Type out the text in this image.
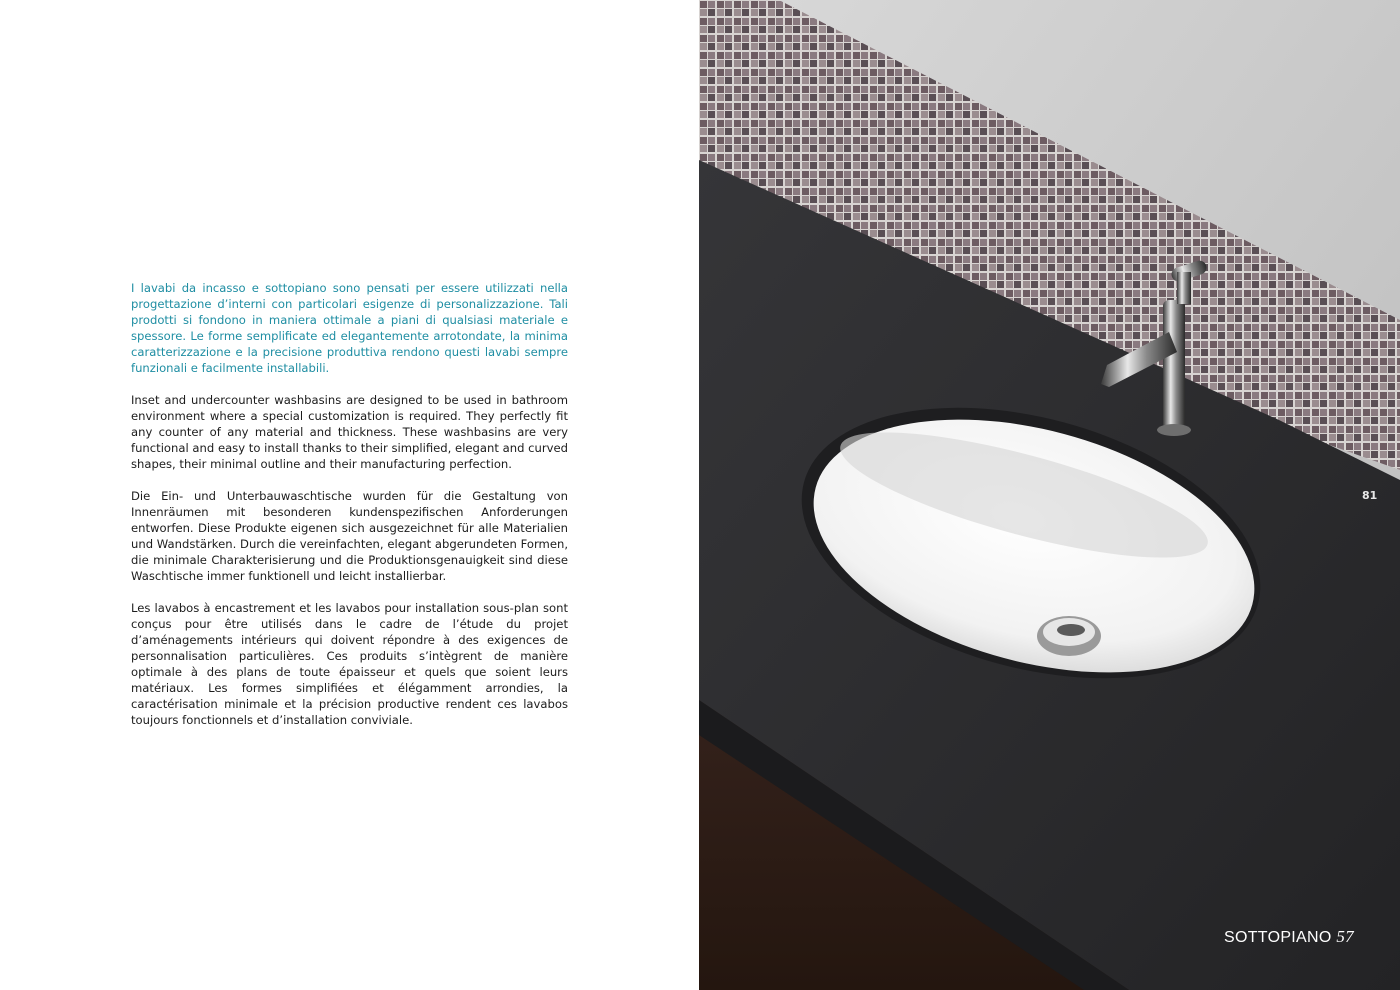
I lavabi da incasso e sottopiano sono pensati per essere utilizzati nella progettazione d’interni con particolari esigenze di personalizzazione. Tali prodotti si fondono in maniera ottimale a piani di qualsiasi materiale e spessore. Le forme semplificate ed elegantemente arrotondate, la minima caratterizzazione e la precisione produttiva rendono questi lavabi sempre funzionali e facilmente installabili.

Inset and undercounter washbasins are designed to be used in bathroom environment where a special customization is required. They perfectly fit any counter of any material and thickness. These washbasins are very functional and easy to install thanks to their simplified, elegant and curved shapes, their minimal outline and their manufacturing perfection.

Die Ein- und Unterbauwaschtische wurden für die Gestaltung von Innenräumen mit besonderen kundenspezifischen Anforderungen entworfen. Diese Produkte eigenen sich ausgezeichnet für alle Materialien und Wandstärken. Durch die vereinfachten, elegant abgerundeten Formen, die minimale Charakterisierung und die Produktionsgenauigkeit sind diese Waschtische immer funktionell und leicht installierbar.

Les lavabos à encastrement et les lavabos pour installation sous-plan sont conçus pour être utilisés dans le cadre de l’étude du projet d’aménagements intérieurs qui doivent répondre à des exigences de personnalisation particulières. Ces produits s’intègrent de manière optimale à des plans de toute épaisseur et quels que soient leurs matériaux. Les formes simplifiées et élégamment arrondies, la caractérisation minimale et la précision productive rendent ces lavabos toujours fonctionnels et d’installation conviviale.

81
SOTTOPIANO 57
